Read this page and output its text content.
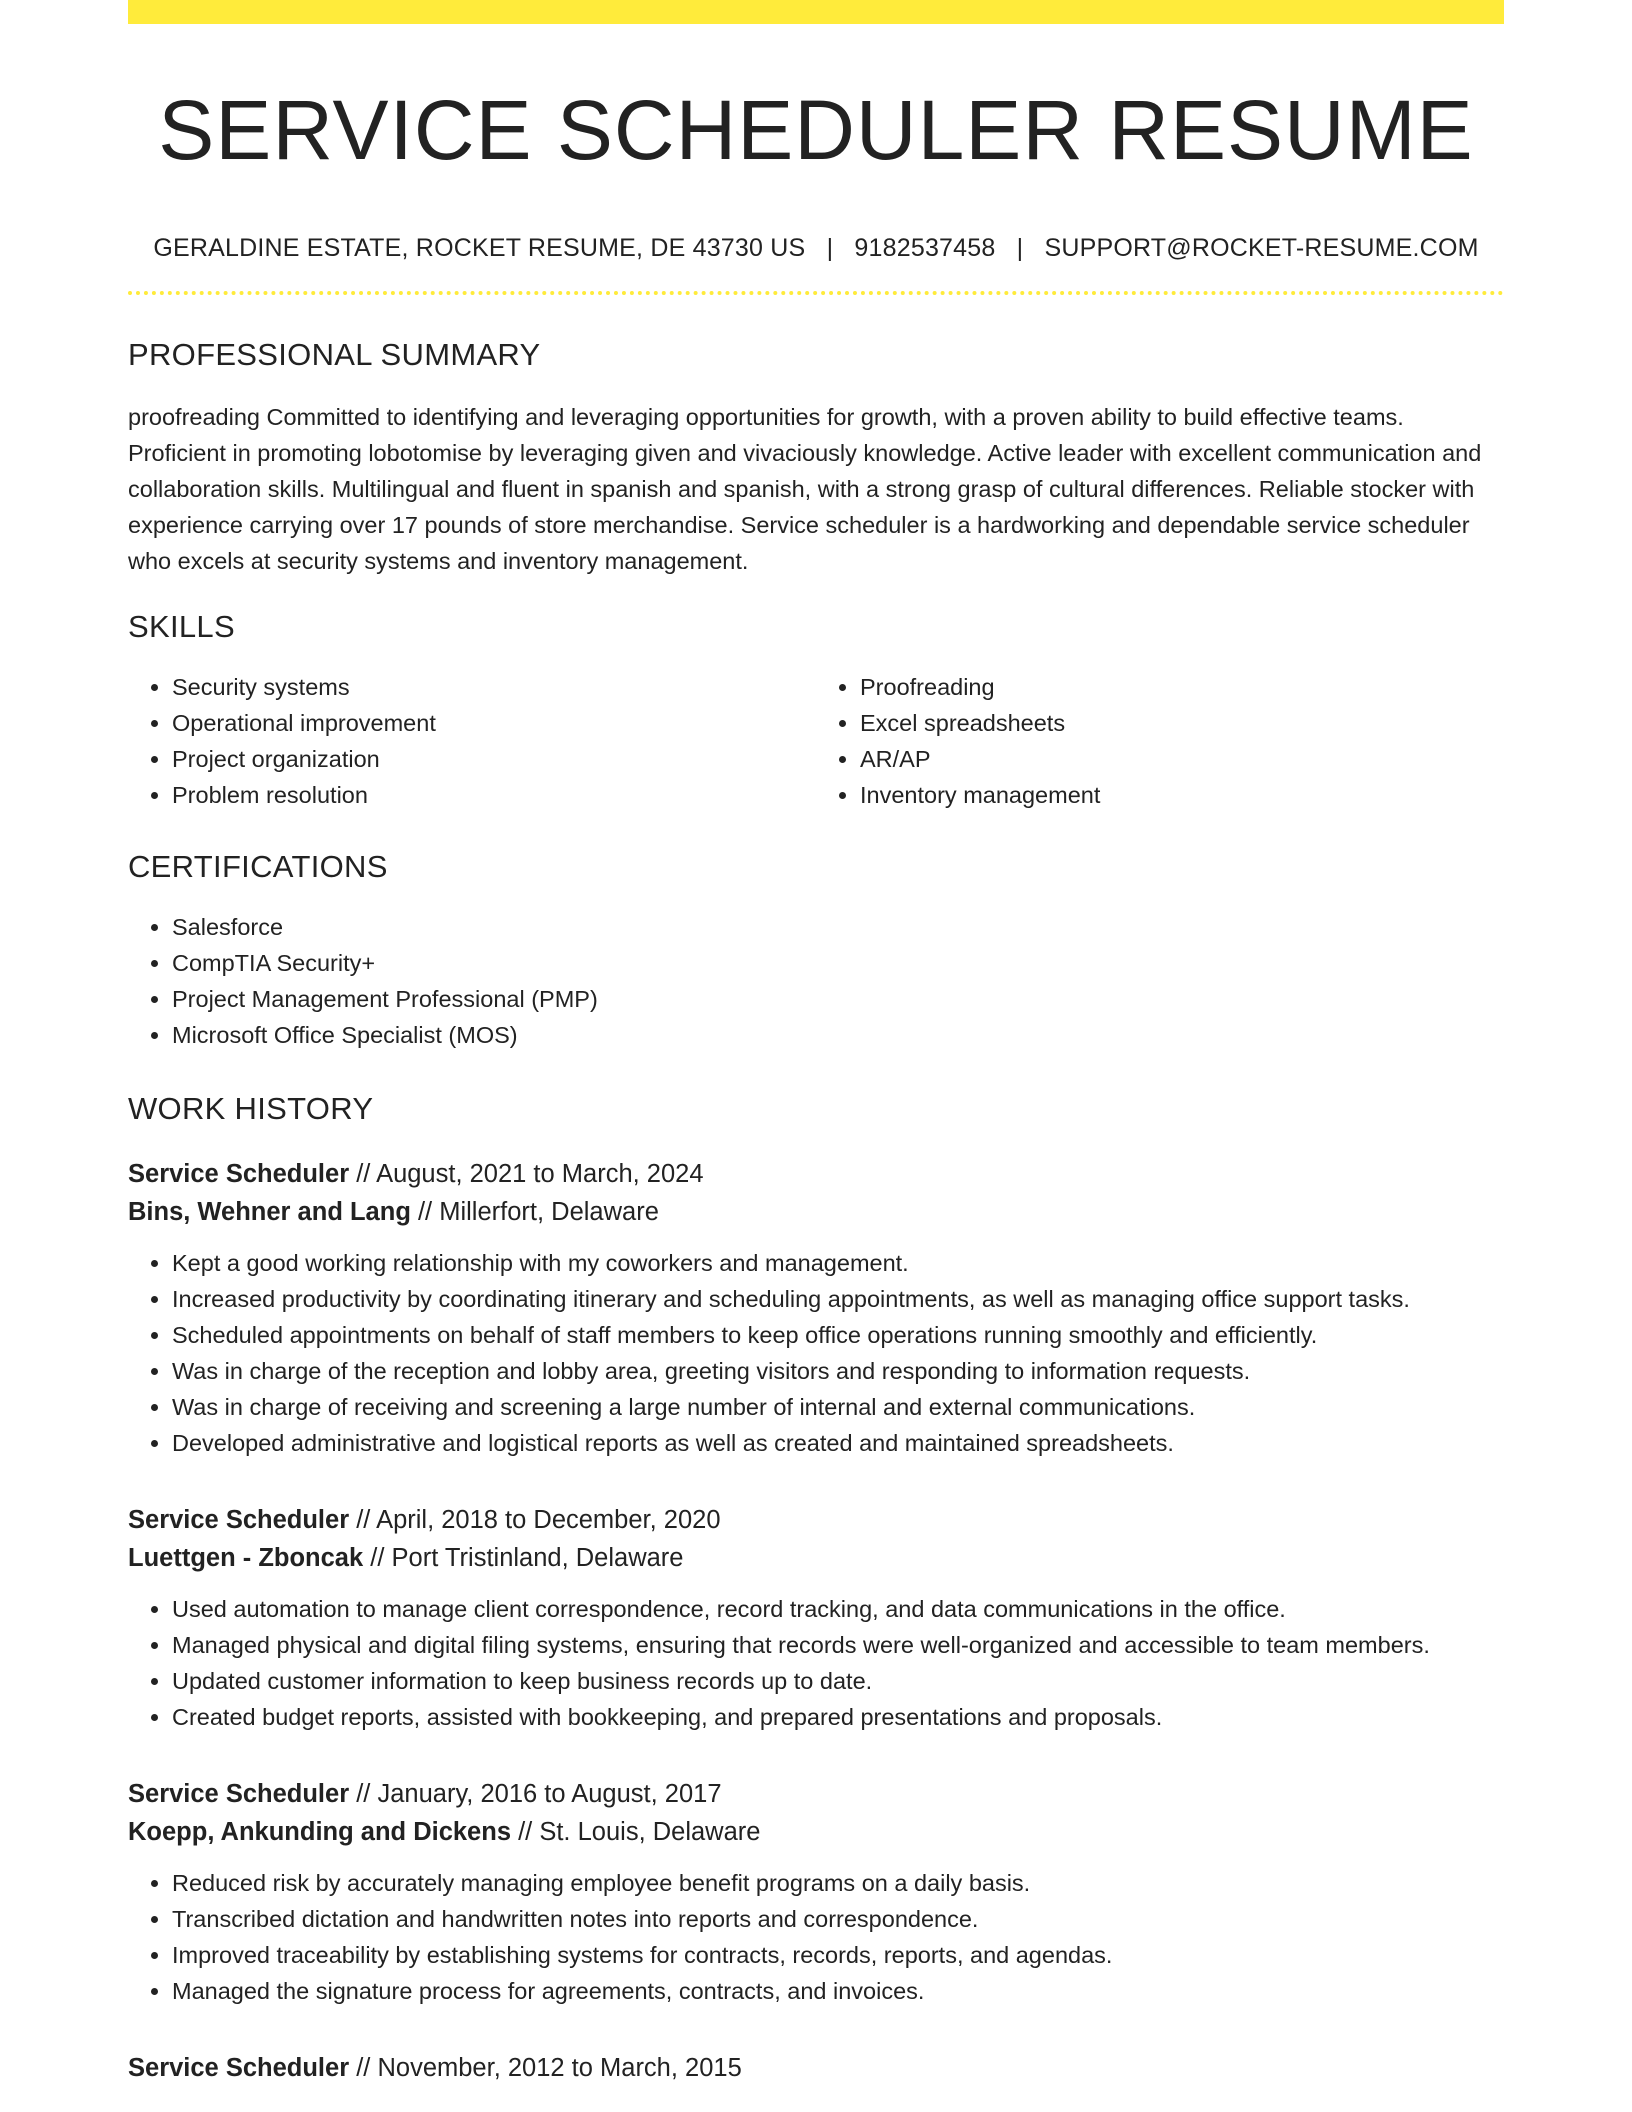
SERVICE SCHEDULER RESUME
GERALDINE ESTATE, ROCKET RESUME, DE 43730 US | 9182537458 | SUPPORT@ROCKET-RESUME.COM
PROFESSIONAL SUMMARY
proofreading Committed to identifying and leveraging opportunities for growth, with a proven ability to build effective teams. Proficient in promoting lobotomise by leveraging given and vivaciously knowledge. Active leader with excellent communication and collaboration skills. Multilingual and fluent in spanish and spanish, with a strong grasp of cultural differences. Reliable stocker with experience carrying over 17 pounds of store merchandise. Service scheduler is a hardworking and dependable service scheduler who excels at security systems and inventory management.
SKILLS
• Security systems
• Operational improvement
• Project organization
• Problem resolution
• Proofreading
• Excel spreadsheets
• AR/AP
• Inventory management
CERTIFICATIONS
• Salesforce
• CompTIA Security+
• Project Management Professional (PMP)
• Microsoft Office Specialist (MOS)
WORK HISTORY
Service Scheduler // August, 2021 to March, 2024
Bins, Wehner and Lang // Millerfort, Delaware
• Kept a good working relationship with my coworkers and management.
• Increased productivity by coordinating itinerary and scheduling appointments, as well as managing office support tasks.
• Scheduled appointments on behalf of staff members to keep office operations running smoothly and efficiently.
• Was in charge of the reception and lobby area, greeting visitors and responding to information requests.
• Was in charge of receiving and screening a large number of internal and external communications.
• Developed administrative and logistical reports as well as created and maintained spreadsheets.
Service Scheduler // April, 2018 to December, 2020
Luettgen - Zboncak // Port Tristinland, Delaware
• Used automation to manage client correspondence, record tracking, and data communications in the office.
• Managed physical and digital filing systems, ensuring that records were well-organized and accessible to team members.
• Updated customer information to keep business records up to date.
• Created budget reports, assisted with bookkeeping, and prepared presentations and proposals.
Service Scheduler // January, 2016 to August, 2017
Koepp, Ankunding and Dickens // St. Louis, Delaware
• Reduced risk by accurately managing employee benefit programs on a daily basis.
• Transcribed dictation and handwritten notes into reports and correspondence.
• Improved traceability by establishing systems for contracts, records, reports, and agendas.
• Managed the signature process for agreements, contracts, and invoices.
Service Scheduler // November, 2012 to March, 2015
